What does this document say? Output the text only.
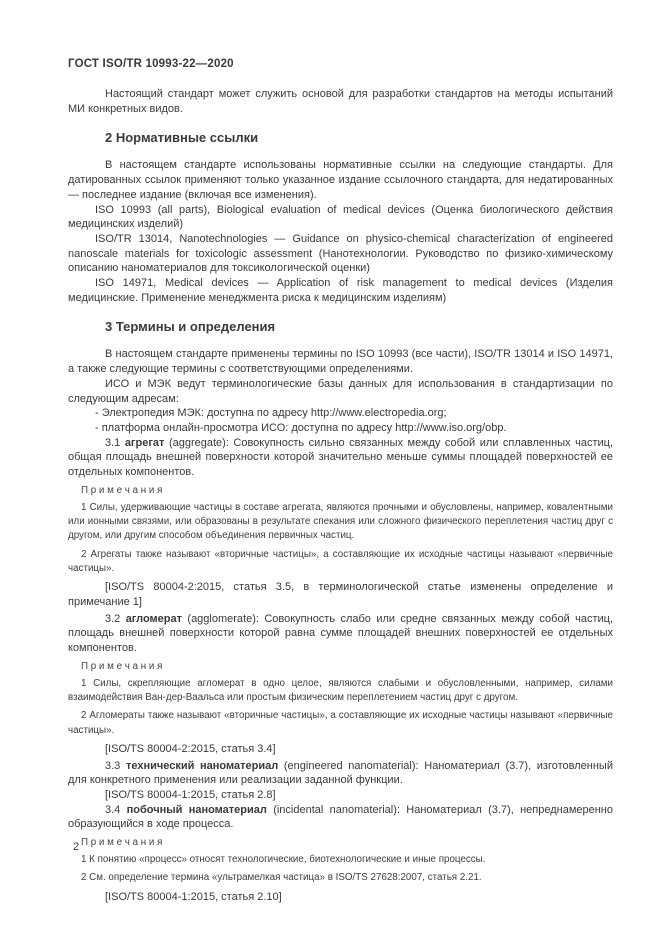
ГОСТ ISO/TR 10993-22—2020

Настоящий стандарт может служить основой для разработки стандартов на методы испытаний МИ конкретных видов.

2 Нормативные ссылки

В настоящем стандарте использованы нормативные ссылки на следующие стандарты. Для датированных ссылок применяют только указанное издание ссылочного стандарта, для недатированных — последнее издание (включая все изменения).

ISO 10993 (all parts), Biological evaluation of medical devices (Оценка биологического действия медицинских изделий)

ISO/TR 13014, Nanotechnologies — Guidance on physico-chemical characterization of engineered nanoscale materials for toxicologic assessment (Нанотехнологии. Руководство по физико-химическому описанию наноматериалов для токсикологической оценки)

ISO 14971, Medical devices — Application of risk management to medical devices (Изделия медицинские. Применение менеджмента риска к медицинским изделиям)

3 Термины и определения

В настоящем стандарте применены термины по ISO 10993 (все части), ISO/TR 13014 и ISO 14971, а также следующие термины с соответствующими определениями.

ИСО и МЭК ведут терминологические базы данных для использования в стандартизации по следующим адресам:

- Электропедия МЭК: доступна по адресу http://www.electropedia.org;

- платформа онлайн-просмотра ИСО: доступна по адресу http://www.iso.org/obp.

3.1 агрегат (aggregate): Совокупность сильно связанных между собой или сплавленных частиц, общая площадь внешней поверхности которой значительно меньше суммы площадей поверхностей ее отдельных компонентов.

П р и м е ч а н и я

1 Силы, удерживающие частицы в составе агрегата, являются прочными и обусловлены, например, ковалентными или ионными связями, или образованы в результате спекания или сложного физического переплетения частиц друг с другом, или другим способом объединения первичных частиц.

2 Агрегаты также называют «вторичные частицы», а составляющие их исходные частицы называют «первичные частицы».

[ISO/TS 80004-2:2015, статья 3.5, в терминологической статье изменены определение и примечание 1]

3.2 агломерат (agglomerate): Совокупность слабо или средне связанных между собой частиц, площадь внешней поверхности которой равна сумме площадей внешних поверхностей ее отдельных компонентов.

П р и м е ч а н и я

1 Силы, скрепляющие агломерат в одно целое, являются слабыми и обусловленными, например, силами взаимодействия Ван-дер-Ваальса или простым физическим переплетением частиц друг с другом.

2 Агломераты также называют «вторичные частицы», а составляющие их исходные частицы называют «первичные частицы».

[ISO/TS 80004-2:2015, статья 3.4]

3.3 технический наноматериал (engineered nanomaterial): Наноматериал (3.7), изготовленный для конкретного применения или реализации заданной функции.

[ISO/TS 80004-1:2015, статья 2.8]

3.4 побочный наноматериал (incidental nanomaterial): Наноматериал (3.7), непреднамеренно образующийся в ходе процесса.

П р и м е ч а н и я

1 К понятию «процесс» относят технологические, биотехнологические и иные процессы.

2 См. определение термина «ультрамелкая частица» в ISO/TS 27628:2007, статья 2.21.

[ISO/TS 80004-1:2015, статья 2.10]

2
